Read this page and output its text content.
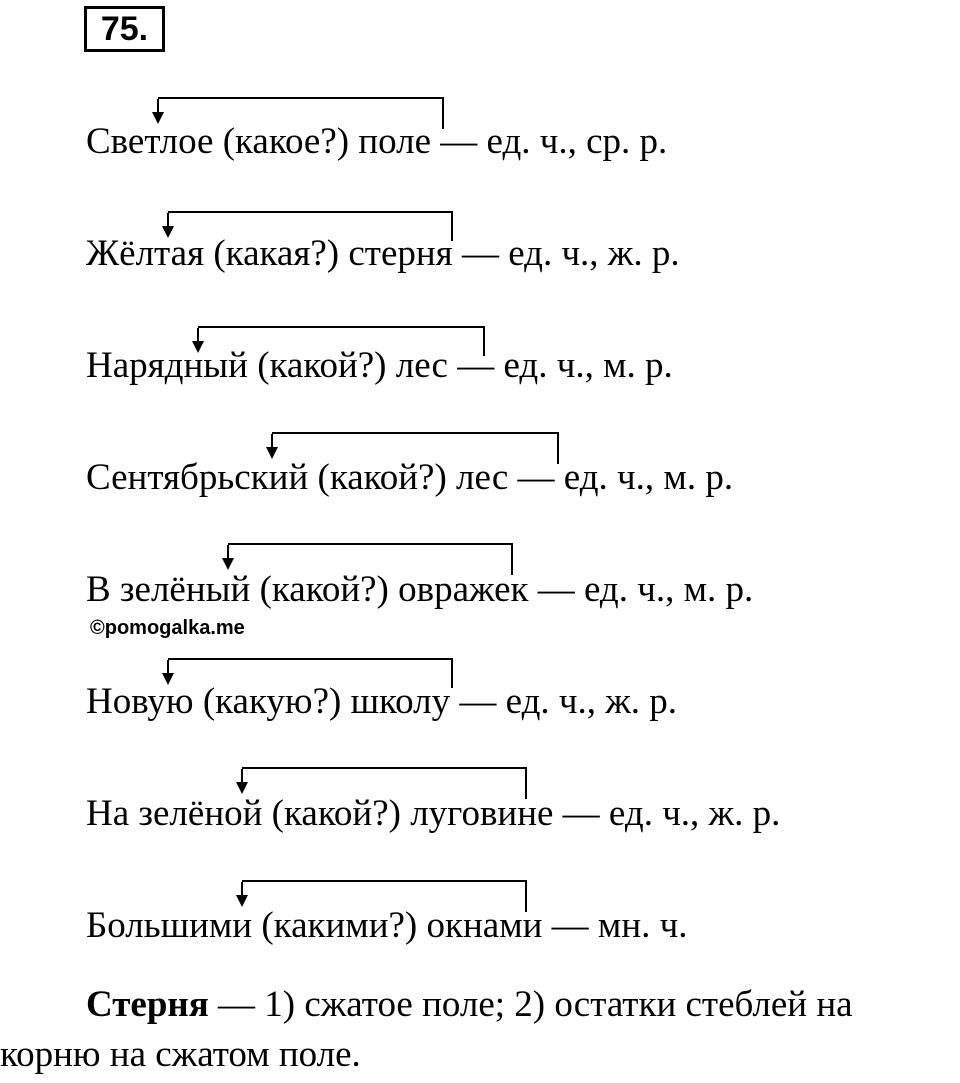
75.
Светлое (какое?) поле — ед. ч., ср. р.
Жёлтая (какая?) стерня — ед. ч., ж. р.
Нарядный (какой?) лес — ед. ч., м. р.
Сентябрьский (какой?) лес — ед. ч., м. р.
В зелёный (какой?) овражек — ед. ч., м. р.
Новую (какую?) школу — ед. ч., ж. р.
На зелёной (какой?) луговине — ед. ч., ж. р.
Большими (какими?) окнами — мн. ч.
©pomogalka.me
Стерня — 1) сжатое поле; 2) остатки стеблей на
корню на сжатом поле.
